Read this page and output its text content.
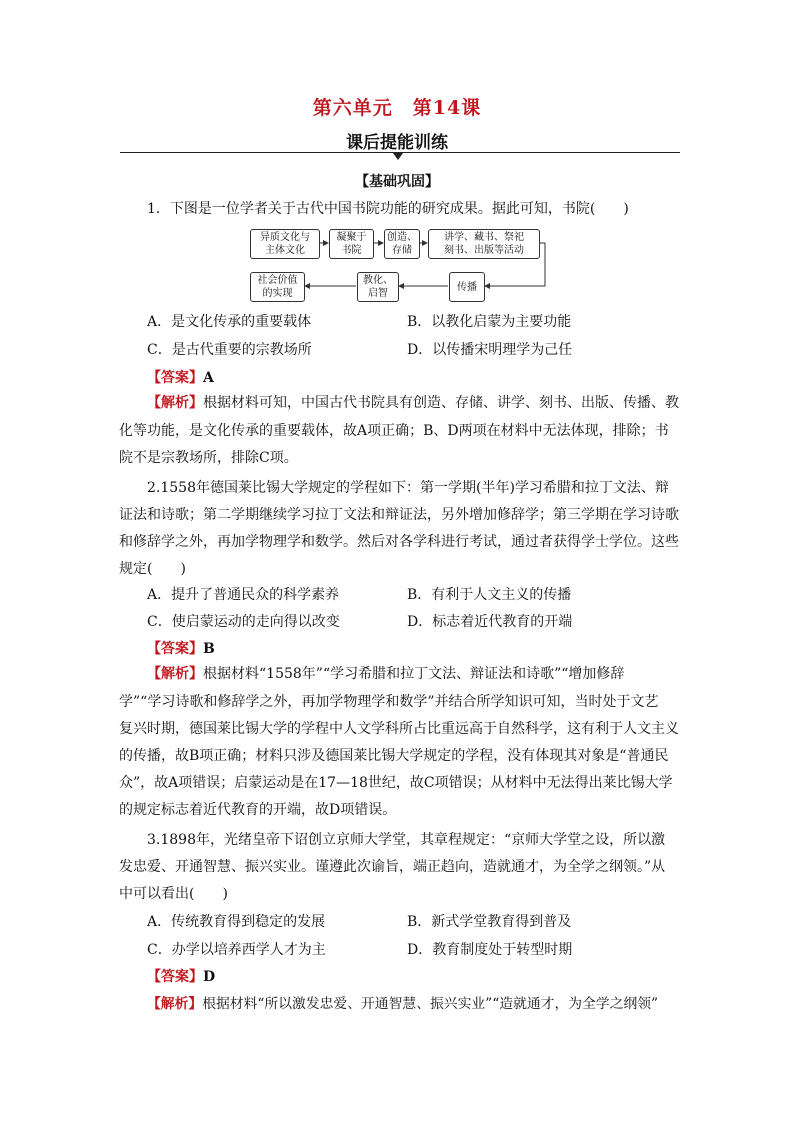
第六单元　第14课
课后提能训练
【基础巩固】
1．下图是一位学者关于古代中国书院功能的研究成果。据此可知，书院(　　)
异质文化与
主体文化
凝聚于
书院
创造、
存储
讲学、藏书、祭祀
刻书、出版等活动
传播
教化、
启智
社会价值
的实现
A．是文化传承的重要载体	B．以教化启蒙为主要功能
C．是古代重要的宗教场所	D．以传播宋明理学为己任
【答案】A
【解析】根据材料可知，中国古代书院具有创造、存储、讲学、刻书、出版、传播、教
化等功能，是文化传承的重要载体，故A项正确；B、D两项在材料中无法体现，排除；书
院不是宗教场所，排除C项。
2.1558年德国莱比锡大学规定的学程如下：第一学期(半年)学习希腊和拉丁文法、辩
证法和诗歌；第二学期继续学习拉丁文法和辩证法，另外增加修辞学；第三学期在学习诗歌
和修辞学之外，再加学物理学和数学。然后对各学科进行考试，通过者获得学士学位。这些
规定(　　)
A．提升了普通民众的科学素养	B．有利于人文主义的传播
C．使启蒙运动的走向得以改变	D．标志着近代教育的开端
【答案】B
【解析】根据材料“1558年”“学习希腊和拉丁文法、辩证法和诗歌”“增加修辞
学”“学习诗歌和修辞学之外，再加学物理学和数学”并结合所学知识可知，当时处于文艺
复兴时期，德国莱比锡大学的学程中人文学科所占比重远高于自然科学，这有利于人文主义
的传播，故B项正确；材料只涉及德国莱比锡大学规定的学程，没有体现其对象是“普通民
众”，故A项错误；启蒙运动是在17—18世纪，故C项错误；从材料中无法得出莱比锡大学
的规定标志着近代教育的开端，故D项错误。
3.1898年，光绪皇帝下诏创立京师大学堂，其章程规定：“京师大学堂之设，所以激
发忠爱、开通智慧、振兴实业。谨遵此次谕旨，端正趋向，造就通才，为全学之纲领。”从
中可以看出(　　)
A．传统教育得到稳定的发展	B．新式学堂教育得到普及
C．办学以培养西学人才为主	D．教育制度处于转型时期
【答案】D
【解析】根据材料“所以激发忠爱、开通智慧、振兴实业”“造就通才，为全学之纲领”
